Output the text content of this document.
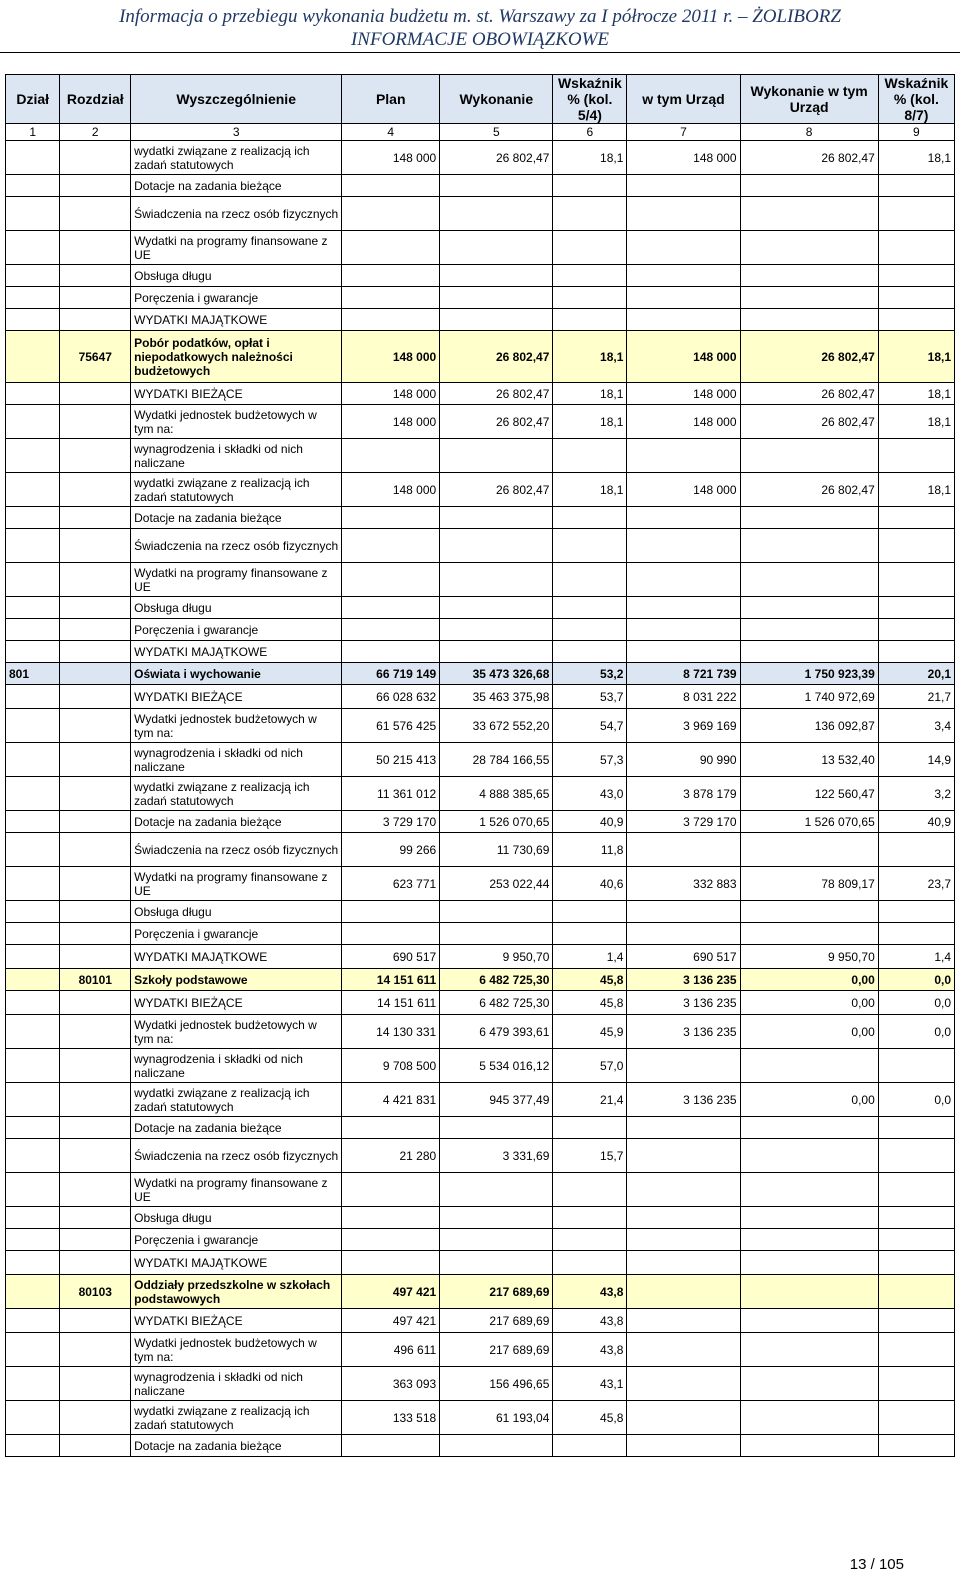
Informacja o przebiegu wykonania budżetu m. st. Warszawy za I półrocze 2011 r. – ŻOLIBORZ
INFORMACJE OBOWIĄZKOWE
Dział	Rozdział	Wyszczególnienie	Plan	Wykonanie	Wskaźnik % (kol. 5/4)	w tym Urząd	Wykonanie w tym Urząd	Wskaźnik % (kol. 8/7)
1	2	3	4	5	6	7	8	9
		wydatki związane z realizacją ich zadań statutowych	148 000	26 802,47	18,1	148 000	26 802,47	18,1
		Dotacje na zadania bieżące						
		Świadczenia na rzecz osób fizycznych						
		Wydatki na programy finansowane z UE						
		Obsługa długu						
		Poręczenia i gwarancje						
		WYDATKI MAJĄTKOWE						
	75647	Pobór podatków, opłat i niepodatkowych należności budżetowych	148 000	26 802,47	18,1	148 000	26 802,47	18,1
		WYDATKI BIEŻĄCE	148 000	26 802,47	18,1	148 000	26 802,47	18,1
		Wydatki jednostek budżetowych w tym na:	148 000	26 802,47	18,1	148 000	26 802,47	18,1
		wynagrodzenia i składki od nich naliczane						
		wydatki związane z realizacją ich zadań statutowych	148 000	26 802,47	18,1	148 000	26 802,47	18,1
		Dotacje na zadania bieżące						
		Świadczenia na rzecz osób fizycznych						
		Wydatki na programy finansowane z UE						
		Obsługa długu						
		Poręczenia i gwarancje						
		WYDATKI MAJĄTKOWE						
801		Oświata i wychowanie	66 719 149	35 473 326,68	53,2	8 721 739	1 750 923,39	20,1
		WYDATKI BIEŻĄCE	66 028 632	35 463 375,98	53,7	8 031 222	1 740 972,69	21,7
		Wydatki jednostek budżetowych w tym na:	61 576 425	33 672 552,20	54,7	3 969 169	136 092,87	3,4
		wynagrodzenia i składki od nich naliczane	50 215 413	28 784 166,55	57,3	90 990	13 532,40	14,9
		wydatki związane z realizacją ich zadań statutowych	11 361 012	4 888 385,65	43,0	3 878 179	122 560,47	3,2
		Dotacje na zadania bieżące	3 729 170	1 526 070,65	40,9	3 729 170	1 526 070,65	40,9
		Świadczenia na rzecz osób fizycznych	99 266	11 730,69	11,8			
		Wydatki na programy finansowane z UE	623 771	253 022,44	40,6	332 883	78 809,17	23,7
		Obsługa długu						
		Poręczenia i gwarancje						
		WYDATKI MAJĄTKOWE	690 517	9 950,70	1,4	690 517	9 950,70	1,4
	80101	Szkoły podstawowe	14 151 611	6 482 725,30	45,8	3 136 235	0,00	0,0
		WYDATKI BIEŻĄCE	14 151 611	6 482 725,30	45,8	3 136 235	0,00	0,0
		Wydatki jednostek budżetowych w tym na:	14 130 331	6 479 393,61	45,9	3 136 235	0,00	0,0
		wynagrodzenia i składki od nich naliczane	9 708 500	5 534 016,12	57,0			
		wydatki związane z realizacją ich zadań statutowych	4 421 831	945 377,49	21,4	3 136 235	0,00	0,0
		Dotacje na zadania bieżące						
		Świadczenia na rzecz osób fizycznych	21 280	3 331,69	15,7			
		Wydatki na programy finansowane z UE						
		Obsługa długu						
		Poręczenia i gwarancje						
		WYDATKI MAJĄTKOWE						
	80103	Oddziały przedszkolne w szkołach podstawowych	497 421	217 689,69	43,8			
		WYDATKI BIEŻĄCE	497 421	217 689,69	43,8			
		Wydatki jednostek budżetowych w tym na:	496 611	217 689,69	43,8			
		wynagrodzenia i składki od nich naliczane	363 093	156 496,65	43,1			
		wydatki związane z realizacją ich zadań statutowych	133 518	61 193,04	45,8			
		Dotacje na zadania bieżące						
13 / 105
